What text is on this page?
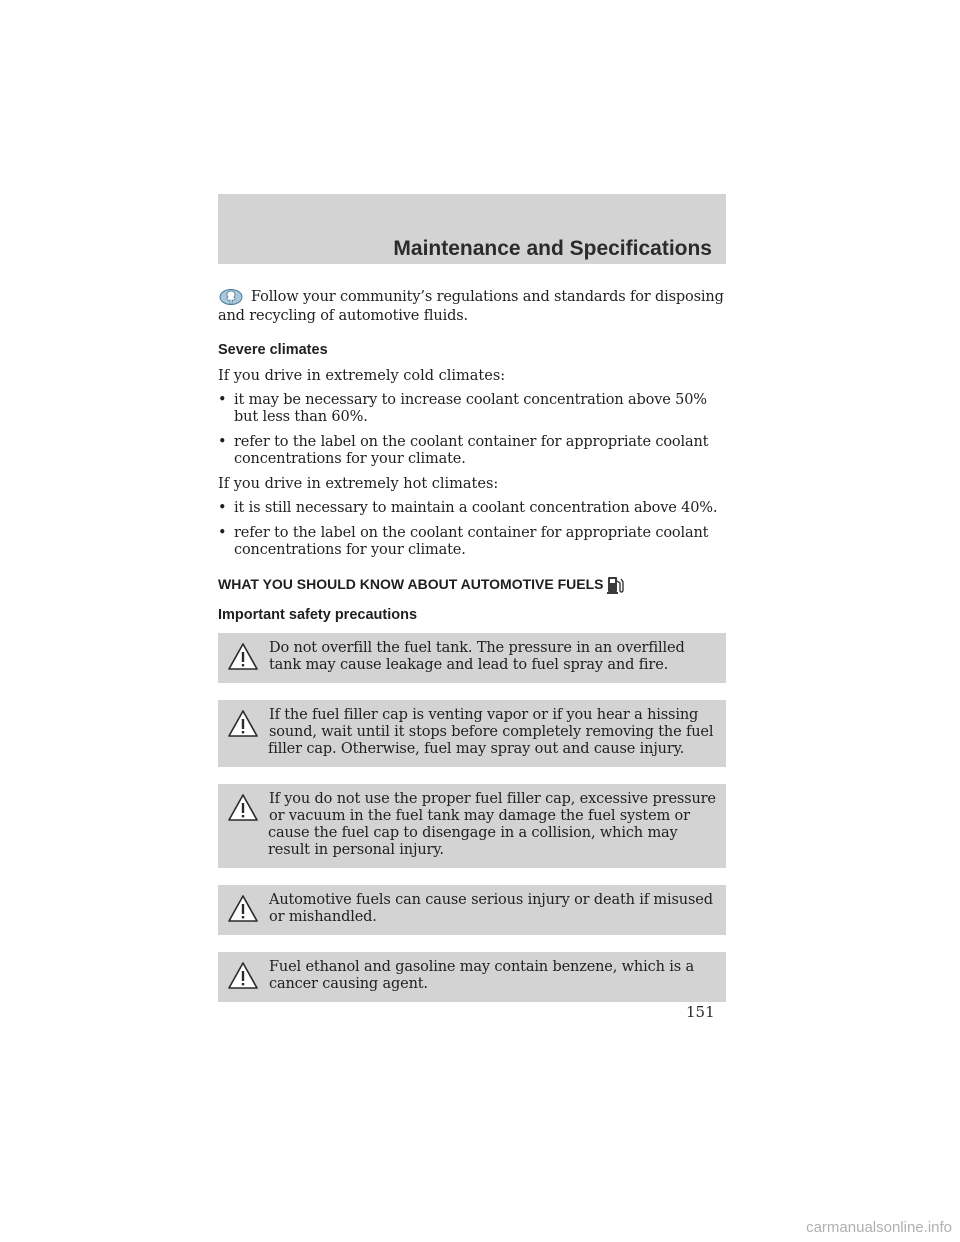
Maintenance and Specifications

Follow your community’s regulations and standards for disposing and recycling of automotive fluids.

Severe climates
If you drive in extremely cold climates:
• it may be necessary to increase coolant concentration above 50% but less than 60%.
• refer to the label on the coolant container for appropriate coolant concentrations for your climate.
If you drive in extremely hot climates:
• it is still necessary to maintain a coolant concentration above 40%.
• refer to the label on the coolant container for appropriate coolant concentrations for your climate.
WHAT YOU SHOULD KNOW ABOUT AUTOMOTIVE FUELS
Important safety precautions
Do not overfill the fuel tank. The pressure in an overfilled tank may cause leakage and lead to fuel spray and fire.
If the fuel filler cap is venting vapor or if you hear a hissing sound, wait until it stops before completely removing the fuel filler cap. Otherwise, fuel may spray out and cause injury.
If you do not use the proper fuel filler cap, excessive pressure or vacuum in the fuel tank may damage the fuel system or cause the fuel cap to disengage in a collision, which may result in personal injury.
Automotive fuels can cause serious injury or death if misused or mishandled.
Fuel ethanol and gasoline may contain benzene, which is a cancer causing agent.
151
carmanualsonline.info
